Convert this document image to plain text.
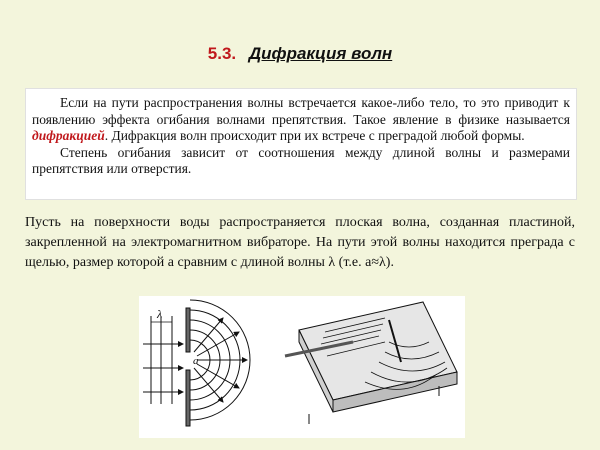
5.3. Дифракция волн

Если на пути распространения волны встречается какое-либо тело, то это приводит к появлению эффекта огибания волнами препятствия. Такое явление в физике называется дифракцией. Дифракция волн происходит при их встрече с преградой любой формы.

Степень огибания зависит от соотношения между длиной волны и размерами препятствия или отверстия.

Пусть на поверхности воды распространяется плоская волна, созданная пластиной, закрепленной на электромагнитном вибраторе. На пути этой волны находится преграда с щелью, размер которой а сравним с длиной волны λ (т.е. а≈λ).
λ
a
